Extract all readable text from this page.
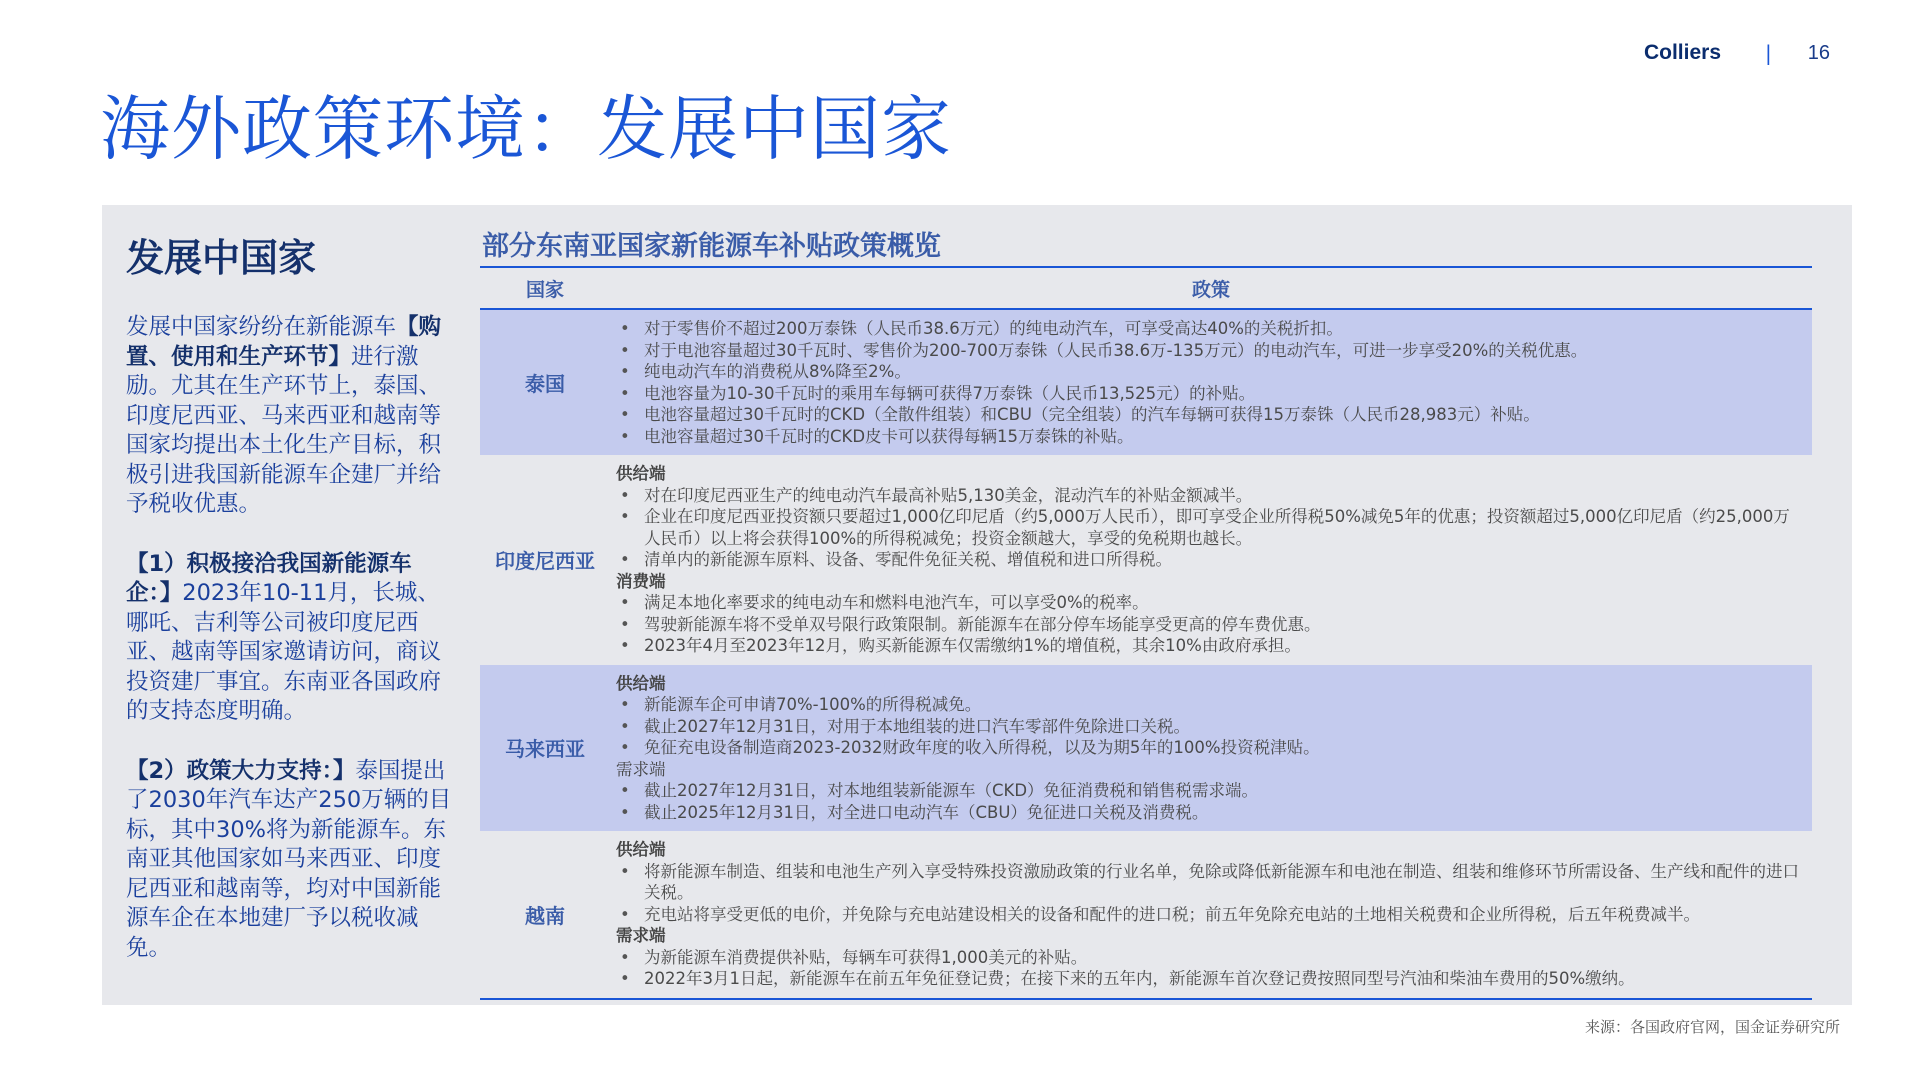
Colliers | 16
海外政策环境：发展中国家
发展中国家

发展中国家纷纷在新能源车【购置、使用和生产环节】进行激励。尤其在生产环节上，泰国、印度尼西亚、马来西亚和越南等国家均提出本土化生产目标，积极引进我国新能源车企建厂并给予税收优惠。

【1）积极接洽我国新能源车企：】2023年10-11月，长城、哪吒、吉利等公司被印度尼西亚、越南等国家邀请访问，商议投资建厂事宜。东南亚各国政府的支持态度明确。

【2）政策大力支持：】泰国提出了2030年汽车达产250万辆的目标，其中30%将为新能源车。东南亚其他国家如马来西亚、印度尼西亚和越南等，均对中国新能源车企在本地建厂予以税收减免。

部分东南亚国家新能源车补贴政策概览
国家	政策
泰国
• 对于零售价不超过200万泰铢（人民币38.6万元）的纯电动汽车，可享受高达40%的关税折扣。
• 对于电池容量超过30千瓦时、零售价为200-700万泰铢（人民币38.6万-135万元）的电动汽车，可进一步享受20%的关税优惠。
• 纯电动汽车的消费税从8%降至2%。
• 电池容量为10-30千瓦时的乘用车每辆可获得7万泰铢（人民币13,525元）的补贴。
• 电池容量超过30千瓦时的CKD（全散件组装）和CBU（完全组装）的汽车每辆可获得15万泰铢（人民币28,983元）补贴。
• 电池容量超过30千瓦时的CKD皮卡可以获得每辆15万泰铢的补贴。
印度尼西亚
供给端
• 对在印度尼西亚生产的纯电动汽车最高补贴5,130美金，混动汽车的补贴金额减半。
• 企业在印度尼西亚投资额只要超过1,000亿印尼盾（约5,000万人民币），即可享受企业所得税50%减免5年的优惠；投资额超过5,000亿印尼盾（约25,000万人民币）以上将会获得100%的所得税减免；投资金额越大，享受的免税期也越长。
• 清单内的新能源车原料、设备、零配件免征关税、增值税和进口所得税。
消费端
• 满足本地化率要求的纯电动车和燃料电池汽车，可以享受0%的税率。
• 驾驶新能源车将不受单双号限行政策限制。新能源车在部分停车场能享受更高的停车费优惠。
• 2023年4月至2023年12月，购买新能源车仅需缴纳1%的增值税，其余10%由政府承担。
马来西亚
供给端
• 新能源车企可申请70%-100%的所得税减免。
• 截止2027年12月31日，对用于本地组装的进口汽车零部件免除进口关税。
• 免征充电设备制造商2023-2032财政年度的收入所得税，以及为期5年的100%投资税津贴。
需求端
• 截止2027年12月31日，对本地组装新能源车（CKD）免征消费税和销售税需求端。
• 截止2025年12月31日，对全进口电动汽车（CBU）免征进口关税及消费税。
越南
供给端
• 将新能源车制造、组装和电池生产列入享受特殊投资激励政策的行业名单，免除或降低新能源车和电池在制造、组装和维修环节所需设备、生产线和配件的进口关税。
• 充电站将享受更低的电价，并免除与充电站建设相关的设备和配件的进口税；前五年免除充电站的土地相关税费和企业所得税，后五年税费减半。
需求端
• 为新能源车消费提供补贴，每辆车可获得1,000美元的补贴。
• 2022年3月1日起，新能源车在前五年免征登记费；在接下来的五年内，新能源车首次登记费按照同型号汽油和柴油车费用的50%缴纳。
来源：各国政府官网，国金证券研究所
